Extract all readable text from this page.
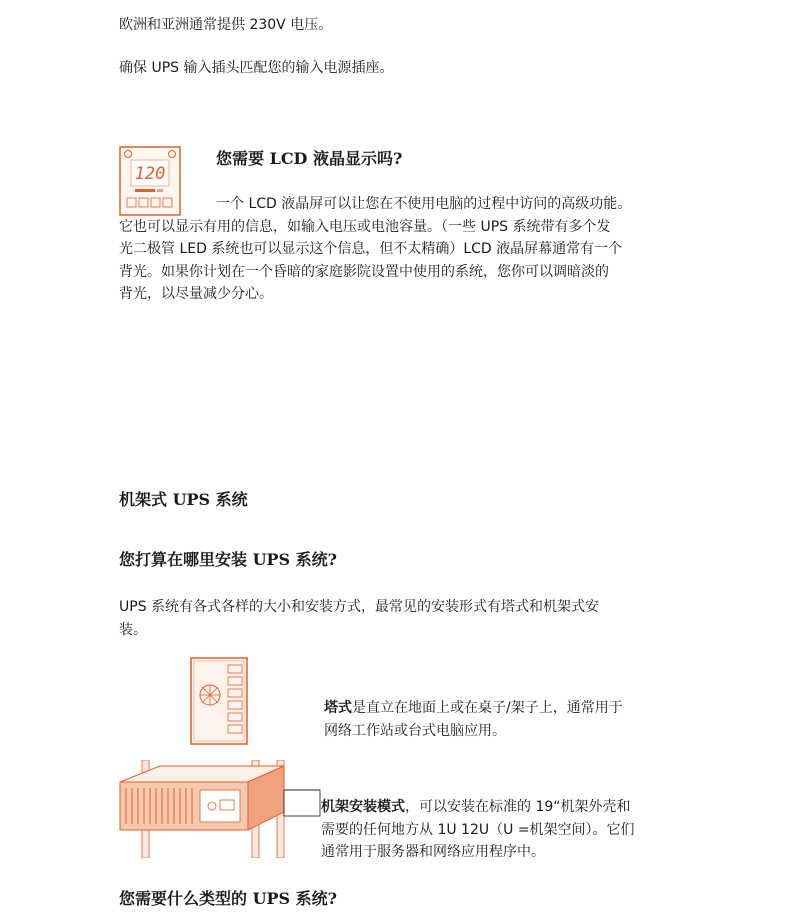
欧洲和亚洲通常提供 230V 电压。
确保 UPS 输入插头匹配您的输入电源插座。
120
您需要 LCD 液晶显示吗?
一个 LCD 液晶屏可以让您在不使用电脑的过程中访问的高级功能。
它也可以显示有用的信息，如输入电压或电池容量。（一些 UPS 系统带有多个发
光二极管 LED 系统也可以显示这个信息，但不太精确）LCD 液晶屏幕通常有一个
背光。如果你计划在一个昏暗的家庭影院设置中使用的系统，您你可以调暗淡的
背光，以尽量减少分心。
机架式 UPS 系统
您打算在哪里安装 UPS 系统?
UPS 系统有各式各样的大小和安装方式，最常见的安装形式有塔式和机架式安
装。
塔式是直立在地面上或在桌子/架子上，通常用于
网络工作站或台式电脑应用。
机架安装模式，可以安装在标准的 19“机架外壳和
需要的任何地方从 1U 12U（U =机架空间）。它们
通常用于服务器和网络应用程序中。
您需要什么类型的 UPS 系统?
